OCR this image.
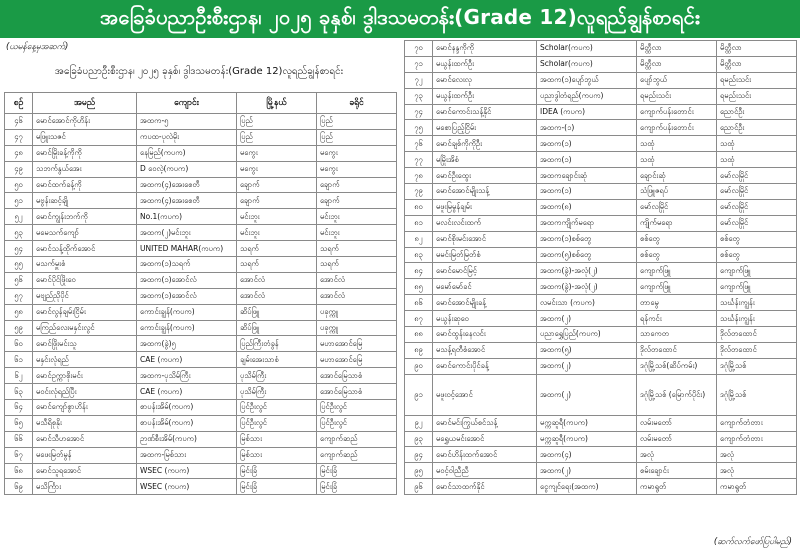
အခြေခံပညာဦးစီးဌာန၊ ၂၀၂၅ ခုနှစ်၊ ဒွါဒသမတန်း(Grade 12)လူရည်ချွန်စာရင်း
(ယမန်နေ့မှအဆက်)
အခြေခံပညာဦးစီးဌာန၊ ၂၀၂၅ ခုနှစ်၊ ဒွါဒသမတန်း(Grade 12)လူရည်ချွန်စာရင်း
စဉ်	အမည်	ကျောင်း	မြို့နယ်	ခရိုင်
၄၆	မောင်အောင်ကိုဟိန်း	အထက-၅	ပြည်	ပြည်
၄၇	မဖြူးသဇင်	ကပထ-ပုလဲမိုး	ပြည်	ပြည်
၄၈	မောင်မြိုးခန့်ကိုကို	နေမြည်(ကပက)	မကွေး	မကွေး
၄၉	သဘက်နွယ်အေး	D ဝေလဲ့(ကပက)	မကွေး	မကွေး
၅၀	မောင်ထက်ခန့်ကို	အထက(၄)အေးစေတီ	ချောက်	ချောက်
၅၁	မဗွန်းဆင့်ချို	အထက(၄)အေးစေတီ	ချောက်	ချောက်
၅၂	မောင်ကျွန်းဘက်ကို	No.1(ကပက)	မင်းဘူး	မင်းဘူး
၅၃	မမေသက်ကျော်	အထက(၂)မင်းဘူး	မင်းဘူး	မင်းဘူး
၅၄	မောင်သန့်ထိုက်အောင်	UNITED MAHAR(ကပက)	သရက်	သရက်
၅၅	မသက်မှူးစံ	အထက(၁)သရက်	သရက်	သရက်
၅၆	မောင်ပိုင်ဖြိုးဝေ	အထက(၁)အောင်လံ	အောင်လံ	အောင်လံ
၅၇	မဗျည်ညိုပိုင်	အထက(၁)အောင်လံ	အောင်လံ	အောင်လံ
၅၈	မောင်လွန်ချမ်းငြိမ်း	ကောင်းချွန်(ကပက)	ဆိပ်ဖြူ	ပခုက္ကူ
၅၉	မကြည်လေးမနှင်းလွင်	ကောင်းချွန်(ကပက)	ဆိပ်ဖြူ	ပခုက္ကူ
၆၀	မောင်ဖြိုးမင်းသူ	အထက(ခွဲ)၅	ပြည်ကြီးတံခွန်	မဟာအောင်မြေ
၆၁	မနှင်းလုံရည်	CAE (ကပက)	ချမ်းအေးသာစံ	မဟာအောင်မြေ
၆၂	မောင်ဥက္ကာစိုးမင်း	အထက-ပုသိမ်ကြီး	ပုသိမ်ကြီး	အောင်မြေသာစံ
၆၃	မဝင်းလုံရည်ပြီး	CAE (ကပက)	ပုသိမ်ကြီး	အောင်မြေသာစံ
၆၄	မောင်ကျော်စွာဟိန်း	စာပန်းအိမ်(ကပက)	ပြင်ဦးလွင်	ပြင်ဦးလွင်
၆၅	မသီရိစုနိုး	စာပန်းအိမ်(ကပက)	ပြင်ဦးလွင်	ပြင်ဦးလွင်
၆၆	မောင်သီဟအောင်	ဉာဏ်စီးအိမ်(ကပက)	မြစ်သား	ကျောက်ဆည်
၆၇	မဖေးမြတ်မွန်	အထက-မြစ်သား	မြစ်သား	ကျောက်ဆည်
၆၈	မောင်သူရအောင်	WSEC (ကပက)	မြင်းခြံ	မြင်းခြံ
၆၉	မသိင်္ကြား	WSEC (ကပက)	မြင်းခြံ	မြင်းခြံ
၇၀	မောင်နန္ဒကိုကို	Scholar(ကပက)	မိတ္ထီလာ	မိတ္ထီလာ
၇၁	မယွန်းထက်ဦး	Scholar(ကပက)	မိတ္ထီလာ	မိတ္ထီလာ
၇၂	မောင်လေးလု	အထက(၁)ပျော်ဘွယ်	ပျော်ဘွယ်	ရမည်းသင်း
၇၃	မယွန်းထက်ဦး	ပညာဒွါတံရည်(ကပက)	ရမည်းသင်း	ရမည်းသင်း
၇၄	မောင်ကောင်းသန့်နိုင်	IDEA (ကပက)	ကျောက်ပန်းတောင်း	ညောင်ဦး
၇၅	မစောပြည့်ငြိမ်း	အထက-(၁)	ကျောက်ပန်းတောင်း	ညောင်ဦး
၇၆	မောင်ချစ်ကိုကိုဦး	အထက(၁)	သထုံ	သထုံ
၇၇	မမြိုးအိစံ	အထက(၁)	သထုံ	သထုံ
၇၈	မောင်ဦးထွေး	အထကချောင်းဆုံ	ချောင်းဆုံ	မော်လမြိုင်
၇၉	မောင်အောင်မျိုးသန့်	အထက(၁)	သံဖြူဇရပ်	မော်လမြိုင်
၈၀	မဖူးမြမွန်ချမ်း	အထက(၈)	မော်လမြိုင်	မော်လမြိုင်
၈၁	မလင်းလင်းထက်	အထကကျိုက်မရော	ကျိုက်မရော	မော်လမြိုင်
၈၂	မောင်စိုးမင်းအောင်	အထက(၁)စစ်တွေ	စစ်တွေ	စစ်တွေ
၈၃	မမင်းမြတ်မြတ်စံ	အထက(၅)စစ်တွေ	စစ်တွေ	စစ်တွေ
၈၄	မောင်မောင်မြင့်	အထက(ခွဲ)-အလုံ(၂)	ကျောက်ဖြူ	ကျောက်ဖြူ
၈၅	မမော်မော်ခင်	အထက(ခွဲ)-အလုံ(၂)	ကျောက်ဖြူ	ကျောက်ဖြူ
၈၆	မောင်အောင်မျိုးခန့်	လမင်းသာ (ကပက)	တာမွေ	သင်္ဃန်းကျွန်း
၈၇	မယွန်းဆုဝေ	အထက(၂)	ရန်ကင်း	သင်္ဃန်းကျွန်း
၈၈	မောင်ထွန်းနေလင်း	ပညာရွှေပြည်(ကပက)	သာကေတ	ဒိုလ်တထောင်
၈၉	မသန့်ရတီစံအောင်	အထက(၅)	ဒိုလ်တထောင်	ဒိုလ်တထောင်
၉၀	မောင်ကောင်းပိုင်ခန့်	အထက(၂)	ဒဂုံမြို့သစ်(ဆိပ်ကမ်း)	ဒဂုံမြို့သစ်
၉၁	မဖူးဝင့်အောင်	အထက(၂)	ဒဂုံမြို့သစ် (မြောက်ပိုင်း)	ဒဂုံမြို့သစ်
၉၂	မောင်မင်းကြွယ်စင်သန့်	မက္ကဆူရီ(ကပက)	လမ်းမတော်	ကျောက်တံတား
၉၃	မရွှေယမင်းအောင်	မက္ကဆူရီ(ကပက)	လမ်းမတော်	ကျောက်တံတား
၉၄	မောင်ဟိန်းထက်အောင်	အထက(၄)	အလုံ	အလုံ
၉၅	မဝင့်ဝါညီညီ	အထက(၂)	စမ်းချောင်း	အလုံ
၉၆	မောင်သာထက်နိုင်	ငွေကျင်ရေး(အထက)	ကမာရွတ်	ကမာရွတ်
(ဆက်လက်ဖော်ပြပါမည်)
